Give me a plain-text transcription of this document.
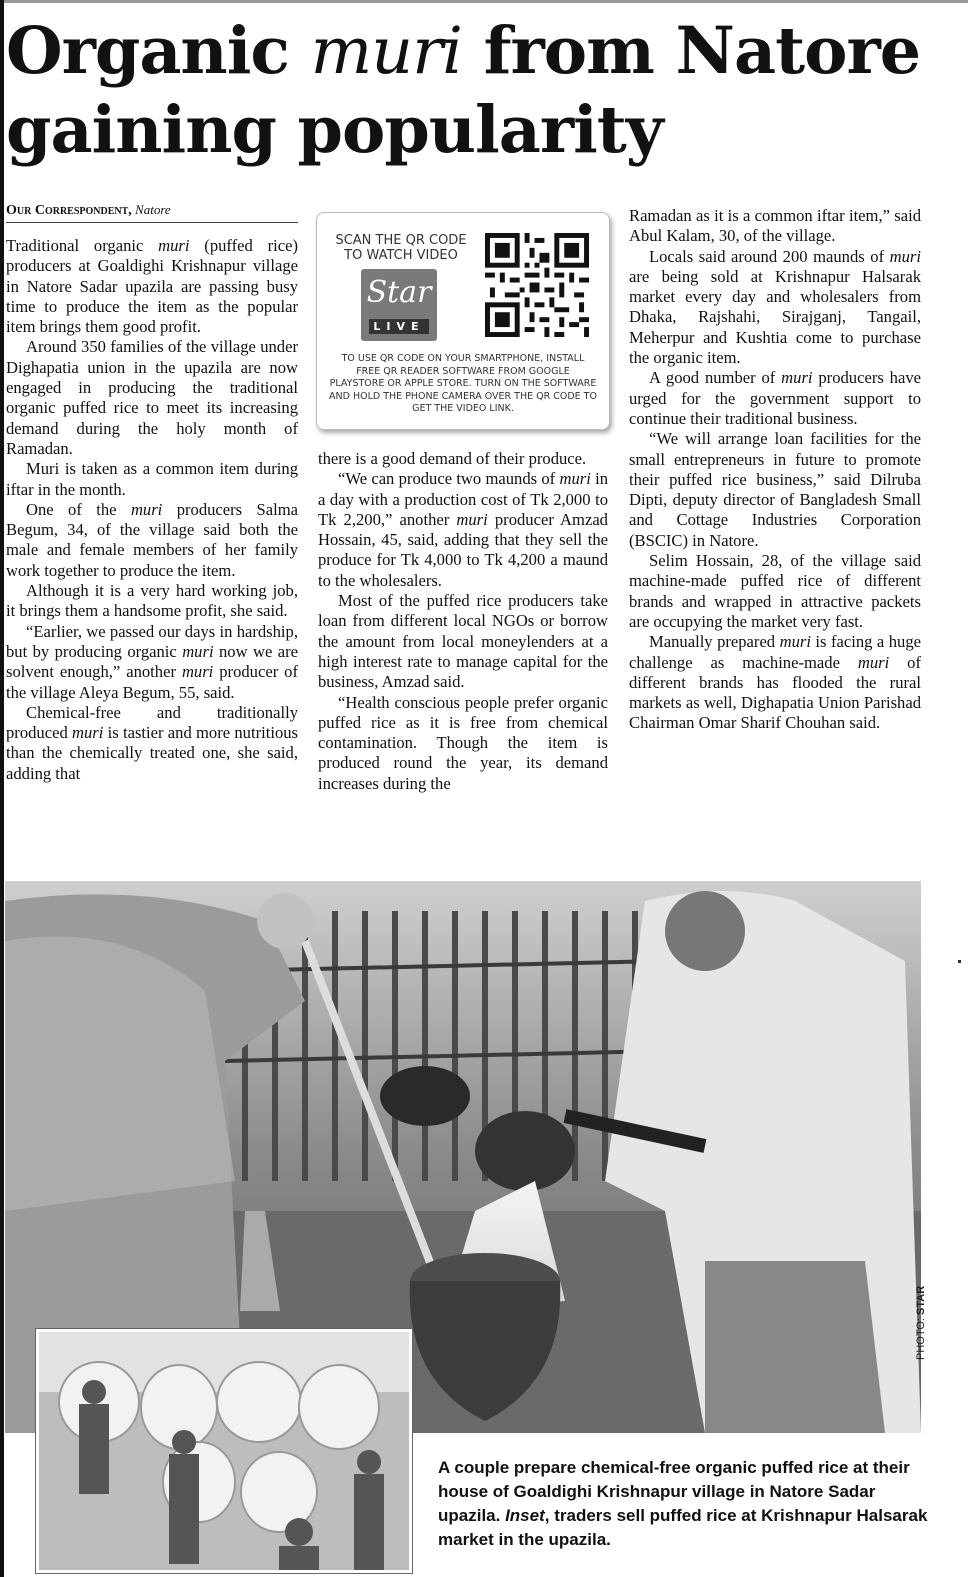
Organic muri from Natore gaining popularity
Our Correspondent, Natore

Traditional organic muri (puffed rice) producers at Goaldighi Krishnapur village in Natore Sadar upazila are passing busy time to produce the item as the popular item brings them good profit.

Around 350 families of the village under Dighapatia union in the upazila are now engaged in producing the traditional organic puffed rice to meet its increasing demand during the holy month of Ramadan.

Muri is taken as a common item during iftar in the month.

One of the muri producers Salma Begum, 34, of the village said both the male and female members of her family work together to produce the item.

Although it is a very hard working job, it brings them a handsome profit, she said.

“Earlier, we passed our days in hardship, but by producing organic muri now we are solvent enough,” another muri producer of the village Aleya Begum, 55, said.

Chemical-free and traditionally produced muri is tastier and more nutritious than the chemically treated one, she said, adding that

SCAN THE QR CODE TO WATCH VIDEO
Star
LIVE
TO USE QR CODE ON YOUR SMARTPHONE, INSTALL FREE QR READER SOFTWARE FROM GOOGLE PLAYSTORE OR APPLE STORE. TURN ON THE SOFTWARE AND HOLD THE PHONE CAMERA OVER THE QR CODE TO GET THE VIDEO LINK.

there is a good demand of their produce.

“We can produce two maunds of muri in a day with a production cost of Tk 2,000 to Tk 2,200,” another muri producer Amzad Hossain, 45, said, adding that they sell the produce for Tk 4,000 to Tk 4,200 a maund to the wholesalers.

Most of the puffed rice producers take loan from different local NGOs or borrow the amount from local moneylenders at a high interest rate to manage capital for the business, Amzad said.

“Health conscious people prefer organic puffed rice as it is free from chemical contamination. Though the item is produced round the year, its demand increases during the

Ramadan as it is a common iftar item,” said Abul Kalam, 30, of the village.

Locals said around 200 maunds of muri are being sold at Krishnapur Halsarak market every day and wholesalers from Dhaka, Rajshahi, Sirajganj, Tangail, Meherpur and Kushtia come to purchase the organic item.

A good number of muri producers have urged for the government support to continue their traditional business.

“We will arrange loan facilities for the small entrepreneurs in future to promote their puffed rice business,” said Dilruba Dipti, deputy director of Bangladesh Small and Cottage Industries Corporation (BSCIC) in Natore.

Selim Hossain, 28, of the village said machine-made puffed rice of different brands and wrapped in attractive packets are occupying the market very fast.

Manually prepared muri is facing a huge challenge as machine-made muri of different brands has flooded the rural markets as well, Dighapatia Union Parishad Chairman Omar Sharif Chouhan said.

A couple prepare chemical-free organic puffed rice at their house of Goaldighi Krishnapur village in Natore Sadar upazila. Inset, traders sell puffed rice at Krishnapur Halsarak market in the upazila.
PHOTO: STAR
